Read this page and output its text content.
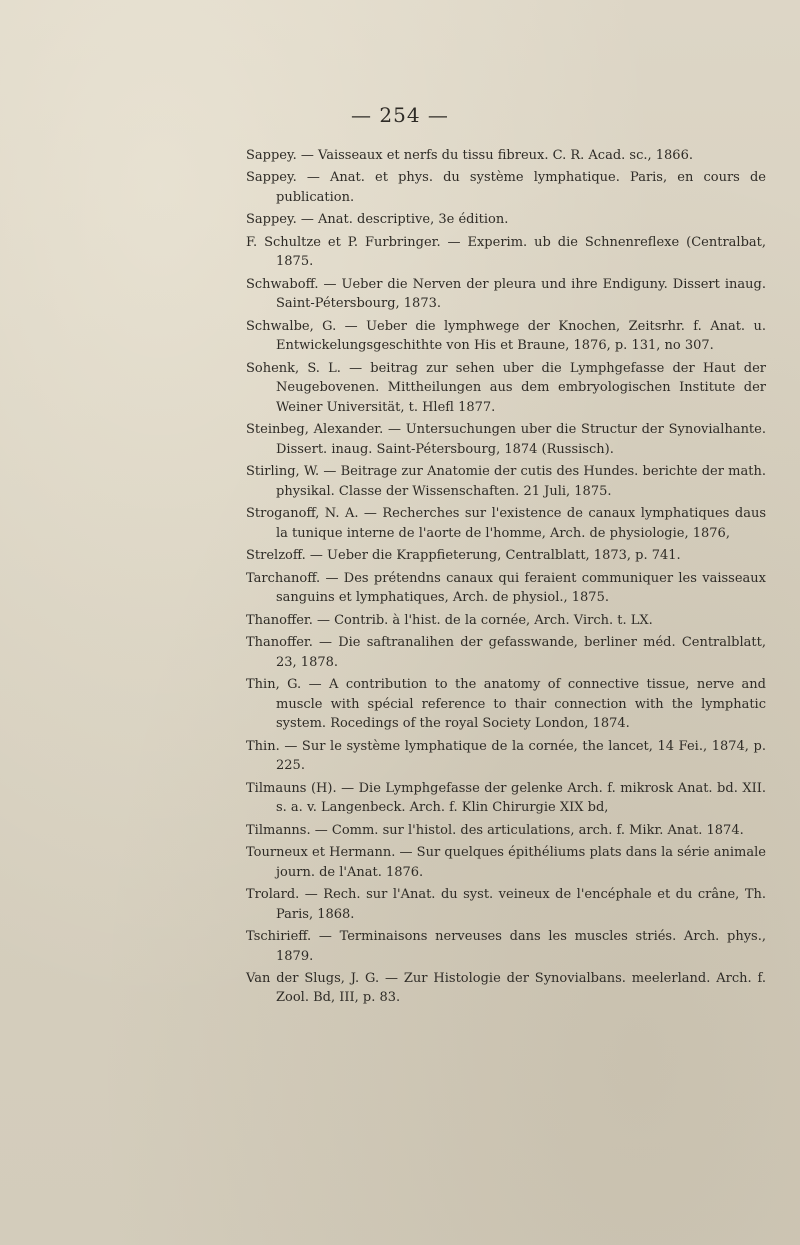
— 254 —

Sappey. — Vaisseaux et nerfs du tissu fibreux. C. R. Acad. sc., 1866.
Sappey. — Anat. et phys. du système lymphatique. Paris, en cours de publication.
Sappey. — Anat. descriptive, 3e édition.
F. Schultze et P. Furbringer. — Experim. ub die Schnenreflexe (Centralbat, 1875.
Schwaboff. — Ueber die Nerven der pleura und ihre Endiguny. Dissert inaug. Saint-Pétersbourg, 1873.
Schwalbe, G. — Ueber die lymphwege der Knochen, Zeitsrhr. f. Anat. u. Entwickelungsgeschithte von His et Braune, 1876, p. 131, no 307.
Sohenk, S. L. — beitrag zur sehen uber die Lymphgefasse der Haut der Neugebovenen. Mittheilungen aus dem embryologischen Institute der Weiner Universität, t. Hlefl 1877.
Steinbeg, Alexander. — Untersuchungen uber die Structur der Synovialhante. Dissert. inaug. Saint-Pétersbourg, 1874 (Russisch).
Stirling, W. — Beitrage zur Anatomie der cutis des Hundes. berichte der math. physikal. Classe der Wissenschaften. 21 Juli, 1875.
Stroganoff, N. A. — Recherches sur l'existence de canaux lymphatiques daus la tunique interne de l'aorte de l'homme, Arch. de physiologie, 1876,
Strelzoff. — Ueber die Krappfieterung, Centralblatt, 1873, p. 741.
Tarchanoff. — Des prétendns canaux qui feraient communiquer les vaisseaux sanguins et lymphatiques, Arch. de physiol., 1875.
Thanoffer. — Contrib. à l'hist. de la cornée, Arch. Virch. t. LX.
Thanoffer. — Die saftranalihen der gefasswande, berliner méd. Centralblatt, 23, 1878.
Thin, G. — A contribution to the anatomy of connective tissue, nerve and muscle with spécial reference to thair connection with the lymphatic system. Rocedings of the royal Society London, 1874.
Thin. — Sur le système lymphatique de la cornée, the lancet, 14 Fei., 1874, p. 225.
Tilmauns (H). — Die Lymphgefasse der gelenke Arch. f. mikrosk Anat. bd. XII. s. a. v. Langenbeck. Arch. f. Klin Chirurgie XIX bd,
Tilmanns. — Comm. sur l'histol. des articulations, arch. f. Mikr. Anat. 1874.
Tourneux et Hermann. — Sur quelques épithéliums plats dans la série animale journ. de l'Anat. 1876.
Trolard. — Rech. sur l'Anat. du syst. veineux de l'encéphale et du crâne, Th. Paris, 1868.
Tschirieff. — Terminaisons nerveuses dans les muscles striés. Arch. phys., 1879.
Van der Slugs, J. G. — Zur Histologie der Synovialbans. meelerland. Arch. f. Zool. Bd, III, p. 83.
